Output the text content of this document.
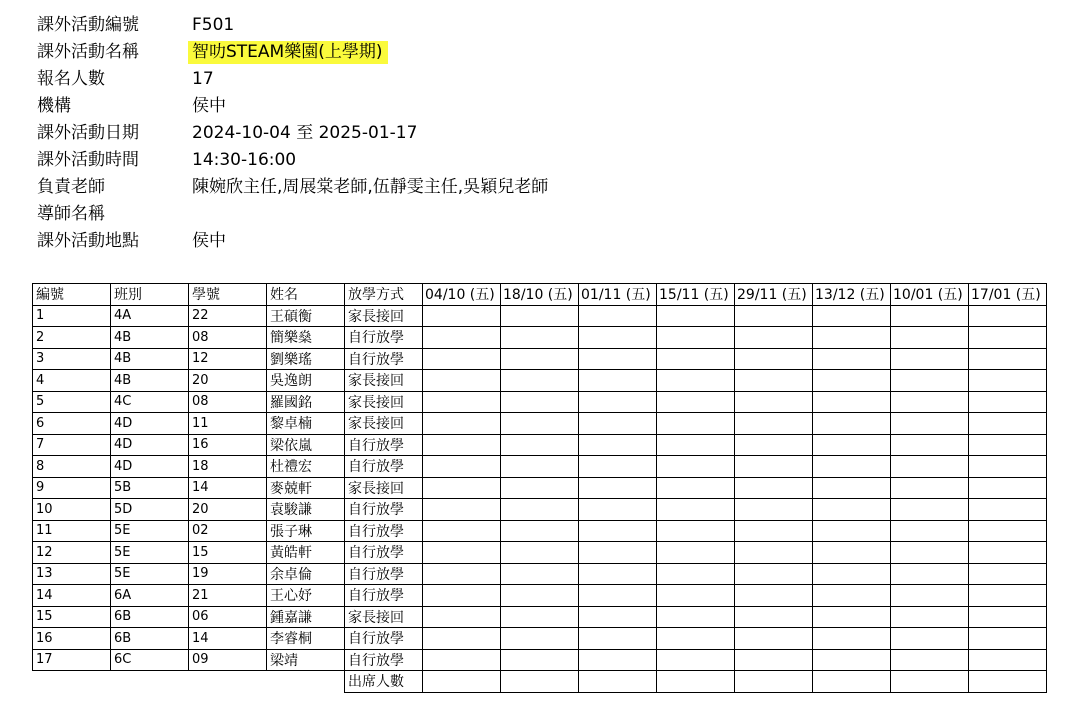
課外活動編號	F501
課外活動名稱	智叻STEAM樂園(上學期)
報名人數	17
機構	侯中
課外活動日期	2024-10-04 至 2025-01-17
課外活動時間	14:30-16:00
負責老師	陳婉欣主任,周展棠老師,伍靜雯主任,吳穎兒老師
導師名稱
課外活動地點	侯中
編號	班別	學號	姓名	放學方式	04/10 (五)	18/10 (五)	01/11 (五)	15/11 (五)	29/11 (五)	13/12 (五)	10/01 (五)	17/01 (五)
1	4A	22	王碩衡	家長接回								
2	4B	08	簡樂燊	自行放學								
3	4B	12	劉樂瑤	自行放學								
4	4B	20	吳逸朗	家長接回								
5	4C	08	羅國銘	家長接回								
6	4D	11	黎卓楠	家長接回								
7	4D	16	梁依嵐	自行放學								
8	4D	18	杜禮宏	自行放學								
9	5B	14	麥兢軒	家長接回								
10	5D	20	袁駿謙	自行放學								
11	5E	02	張子琳	自行放學								
12	5E	15	黃皓軒	自行放學								
13	5E	19	余卓倫	自行放學								
14	6A	21	王心妤	自行放學								
15	6B	06	鍾嘉謙	家長接回								
16	6B	14	李睿桐	自行放學								
17	6C	09	梁靖	自行放學								
				出席人數								
